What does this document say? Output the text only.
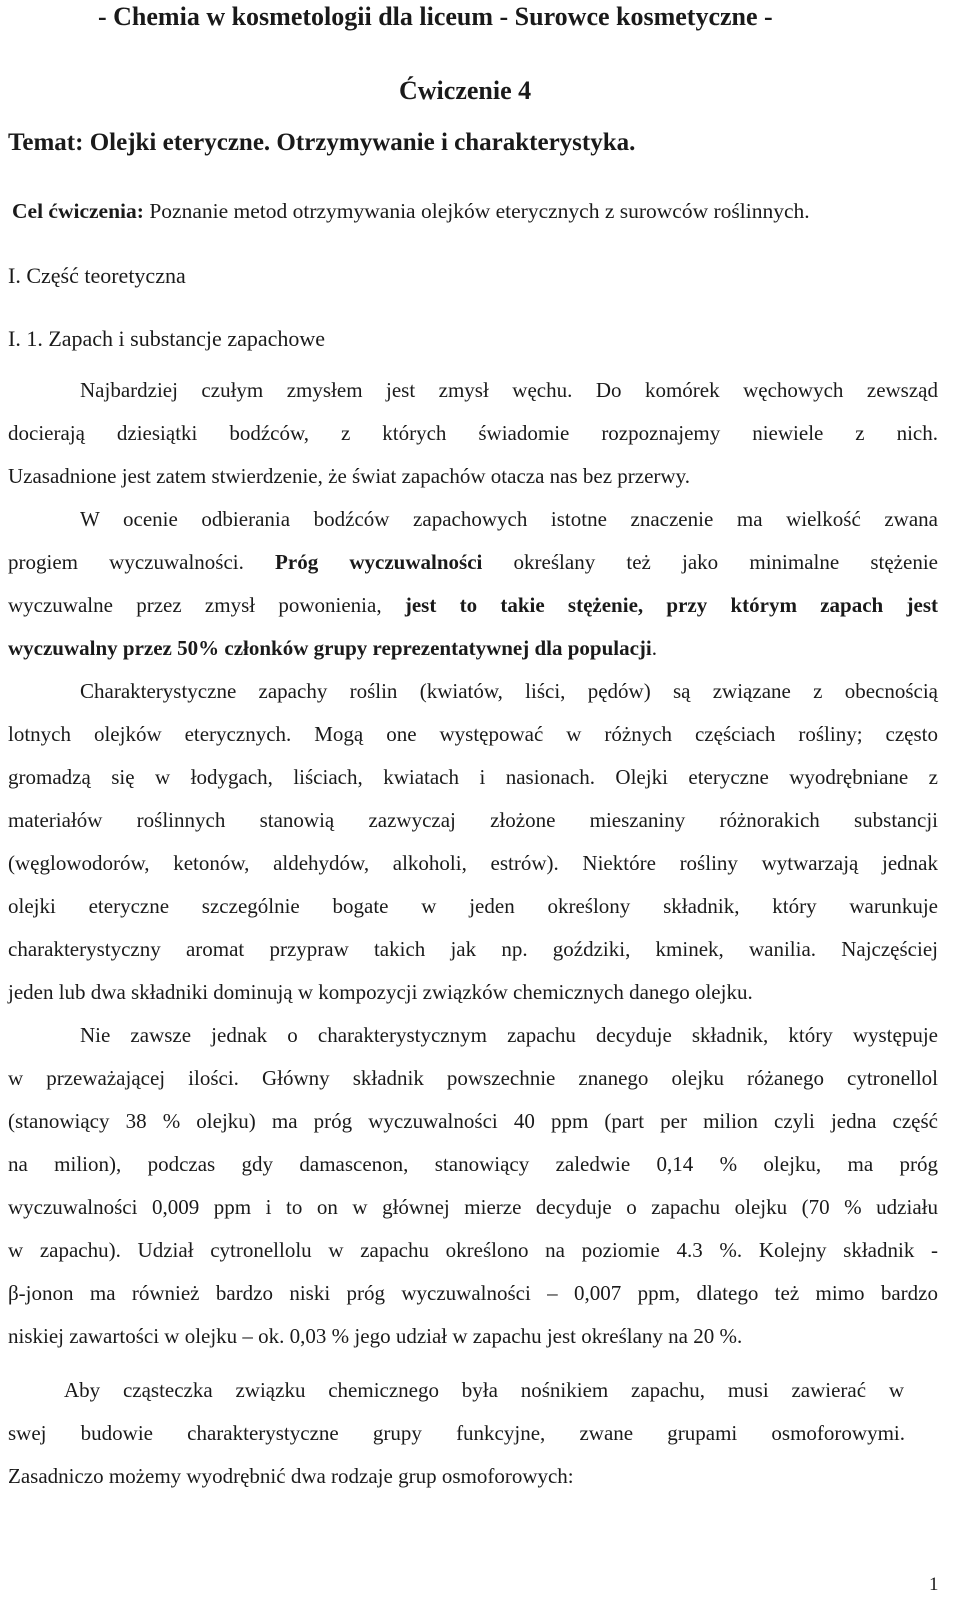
- Chemia w kosmetologii dla liceum - Surowce kosmetyczne -
Ćwiczenie 4
Temat: Olejki eteryczne. Otrzymywanie i charakterystyka.
Cel ćwiczenia: Poznanie metod otrzymywania olejków eterycznych z surowców roślinnych.
I. Część teoretyczna
I. 1. Zapach i substancje zapachowe
Najbardziej czułym zmysłem jest zmysł węchu. Do komórek węchowych zewsząd
docierają dziesiątki bodźców, z których świadomie rozpoznajemy niewiele z nich.
Uzasadnione jest zatem stwierdzenie, że świat zapachów otacza nas bez przerwy.
W ocenie odbierania bodźców zapachowych istotne znaczenie ma wielkość zwana
progiem wyczuwalności. Próg wyczuwalności określany też jako minimalne stężenie
wyczuwalne przez zmysł powonienia, jest to takie stężenie, przy którym zapach jest
wyczuwalny przez 50% członków grupy reprezentatywnej dla populacji.
Charakterystyczne zapachy roślin (kwiatów, liści, pędów) są związane z obecnością
lotnych olejków eterycznych. Mogą one występować w różnych częściach rośliny; często
gromadzą się w łodygach, liściach, kwiatach i nasionach. Olejki eteryczne wyodrębniane z
materiałów roślinnych stanowią zazwyczaj złożone mieszaniny różnorakich substancji
(węglowodorów, ketonów, aldehydów, alkoholi, estrów). Niektóre rośliny wytwarzają jednak
olejki eteryczne szczególnie bogate w jeden określony składnik, który warunkuje
charakterystyczny aromat przypraw takich jak np. goździki, kminek, wanilia. Najczęściej
jeden lub dwa składniki dominują w kompozycji związków chemicznych danego olejku.
Nie zawsze jednak o charakterystycznym zapachu decyduje składnik, który występuje
w przeważającej ilości. Główny składnik powszechnie znanego olejku różanego cytronellol
(stanowiący 38 % olejku) ma próg wyczuwalności 40 ppm (part per milion czyli jedna część
na milion), podczas gdy damascenon, stanowiący zaledwie 0,14 % olejku, ma próg
wyczuwalności 0,009 ppm i to on w głównej mierze decyduje o zapachu olejku (70 % udziału
w zapachu). Udział cytronellolu w zapachu określono na poziomie 4.3 %. Kolejny składnik -
β-jonon ma również bardzo niski próg wyczuwalności – 0,007 ppm, dlatego też mimo bardzo
niskiej zawartości w olejku – ok. 0,03 % jego udział w zapachu jest określany na 20 %.
Aby cząsteczka związku chemicznego była nośnikiem zapachu, musi zawierać w
swej budowie charakterystyczne grupy funkcyjne, zwane grupami osmoforowymi.
Zasadniczo możemy wyodrębnić dwa rodzaje grup osmoforowych:
1
